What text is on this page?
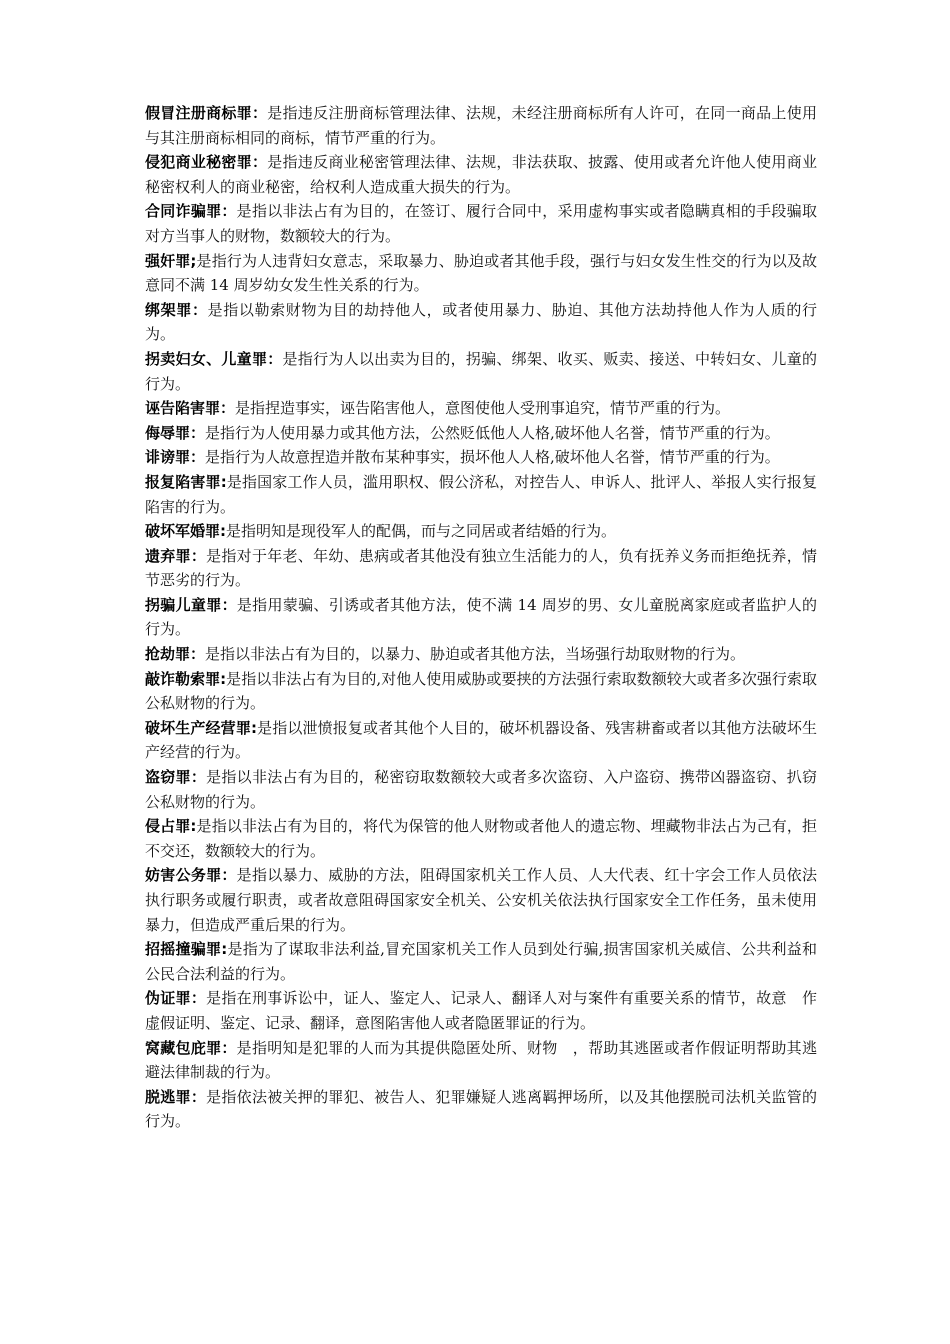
假冒注册商标罪：是指违反注册商标管理法律、法规，未经注册商标所有人许可，在同一商品上使用与其注册商标相同的商标，情节严重的行为。

侵犯商业秘密罪：是指违反商业秘密管理法律、法规，非法获取、披露、使用或者允许他人使用商业秘密权利人的商业秘密，给权利人造成重大损失的行为。

合同诈骗罪：是指以非法占有为目的，在签订、履行合同中，采用虚构事实或者隐瞒真相的手段骗取对方当事人的财物，数额较大的行为。

强奸罪;是指行为人违背妇女意志，采取暴力、胁迫或者其他手段，强行与妇女发生性交的行为以及故意同不满 14 周岁幼女发生性关系的行为。

绑架罪：是指以勒索财物为目的劫持他人，或者使用暴力、胁迫、其他方法劫持他人作为人质的行为。

拐卖妇女、儿童罪：是指行为人以出卖为目的，拐骗、绑架、收买、贩卖、接送、中转妇女、儿童的行为。

诬告陷害罪：是指捏造事实，诬告陷害他人，意图使他人受刑事追究，情节严重的行为。

侮辱罪：是指行为人使用暴力或其他方法，公然贬低他人人格,破坏他人名誉，情节严重的行为。

诽谤罪：是指行为人故意捏造并散布某种事实，损坏他人人格,破坏他人名誉，情节严重的行为。

报复陷害罪:是指国家工作人员，滥用职权、假公济私，对控告人、申诉人、批评人、举报人实行报复陷害的行为。

破坏军婚罪:是指明知是现役军人的配偶，而与之同居或者结婚的行为。

遗弃罪：是指对于年老、年幼、患病或者其他没有独立生活能力的人，负有抚养义务而拒绝抚养，情节恶劣的行为。

拐骗儿童罪：是指用蒙骗、引诱或者其他方法，使不满 14 周岁的男、女儿童脱离家庭或者监护人的行为。

抢劫罪：是指以非法占有为目的，以暴力、胁迫或者其他方法，当场强行劫取财物的行为。

敲诈勒索罪:是指以非法占有为目的,对他人使用威胁或要挟的方法强行索取数额较大或者多次强行索取公私财物的行为。

破坏生产经营罪:是指以泄愤报复或者其他个人目的，破坏机器设备、残害耕畜或者以其他方法破坏生产经营的行为。

盗窃罪：是指以非法占有为目的，秘密窃取数额较大或者多次盗窃、入户盗窃、携带凶器盗窃、扒窃公私财物的行为。

侵占罪:是指以非法占有为目的，将代为保管的他人财物或者他人的遗忘物、埋藏物非法占为己有，拒不交还，数额较大的行为。

妨害公务罪：是指以暴力、威胁的方法，阻碍国家机关工作人员、人大代表、红十字会工作人员依法执行职务或履行职责，或者故意阻碍国家安全机关、公安机关依法执行国家安全工作任务，虽未使用暴力，但造成严重后果的行为。

招摇撞骗罪:是指为了谋取非法利益,冒充国家机关工作人员到处行骗,损害国家机关威信、公共利益和公民合法利益的行为。

伪证罪：是指在刑事诉讼中，证人、鉴定人、记录人、翻译人对与案件有重要关系的情节，故意　作虚假证明、鉴定、记录、翻译，意图陷害他人或者隐匿罪证的行为。

窝藏包庇罪：是指明知是犯罪的人而为其提供隐匿处所、财物　，帮助其逃匿或者作假证明帮助其逃避法律制裁的行为。

脱逃罪：是指依法被关押的罪犯、被告人、犯罪嫌疑人逃离羁押场所，以及其他摆脱司法机关监管的行为。
